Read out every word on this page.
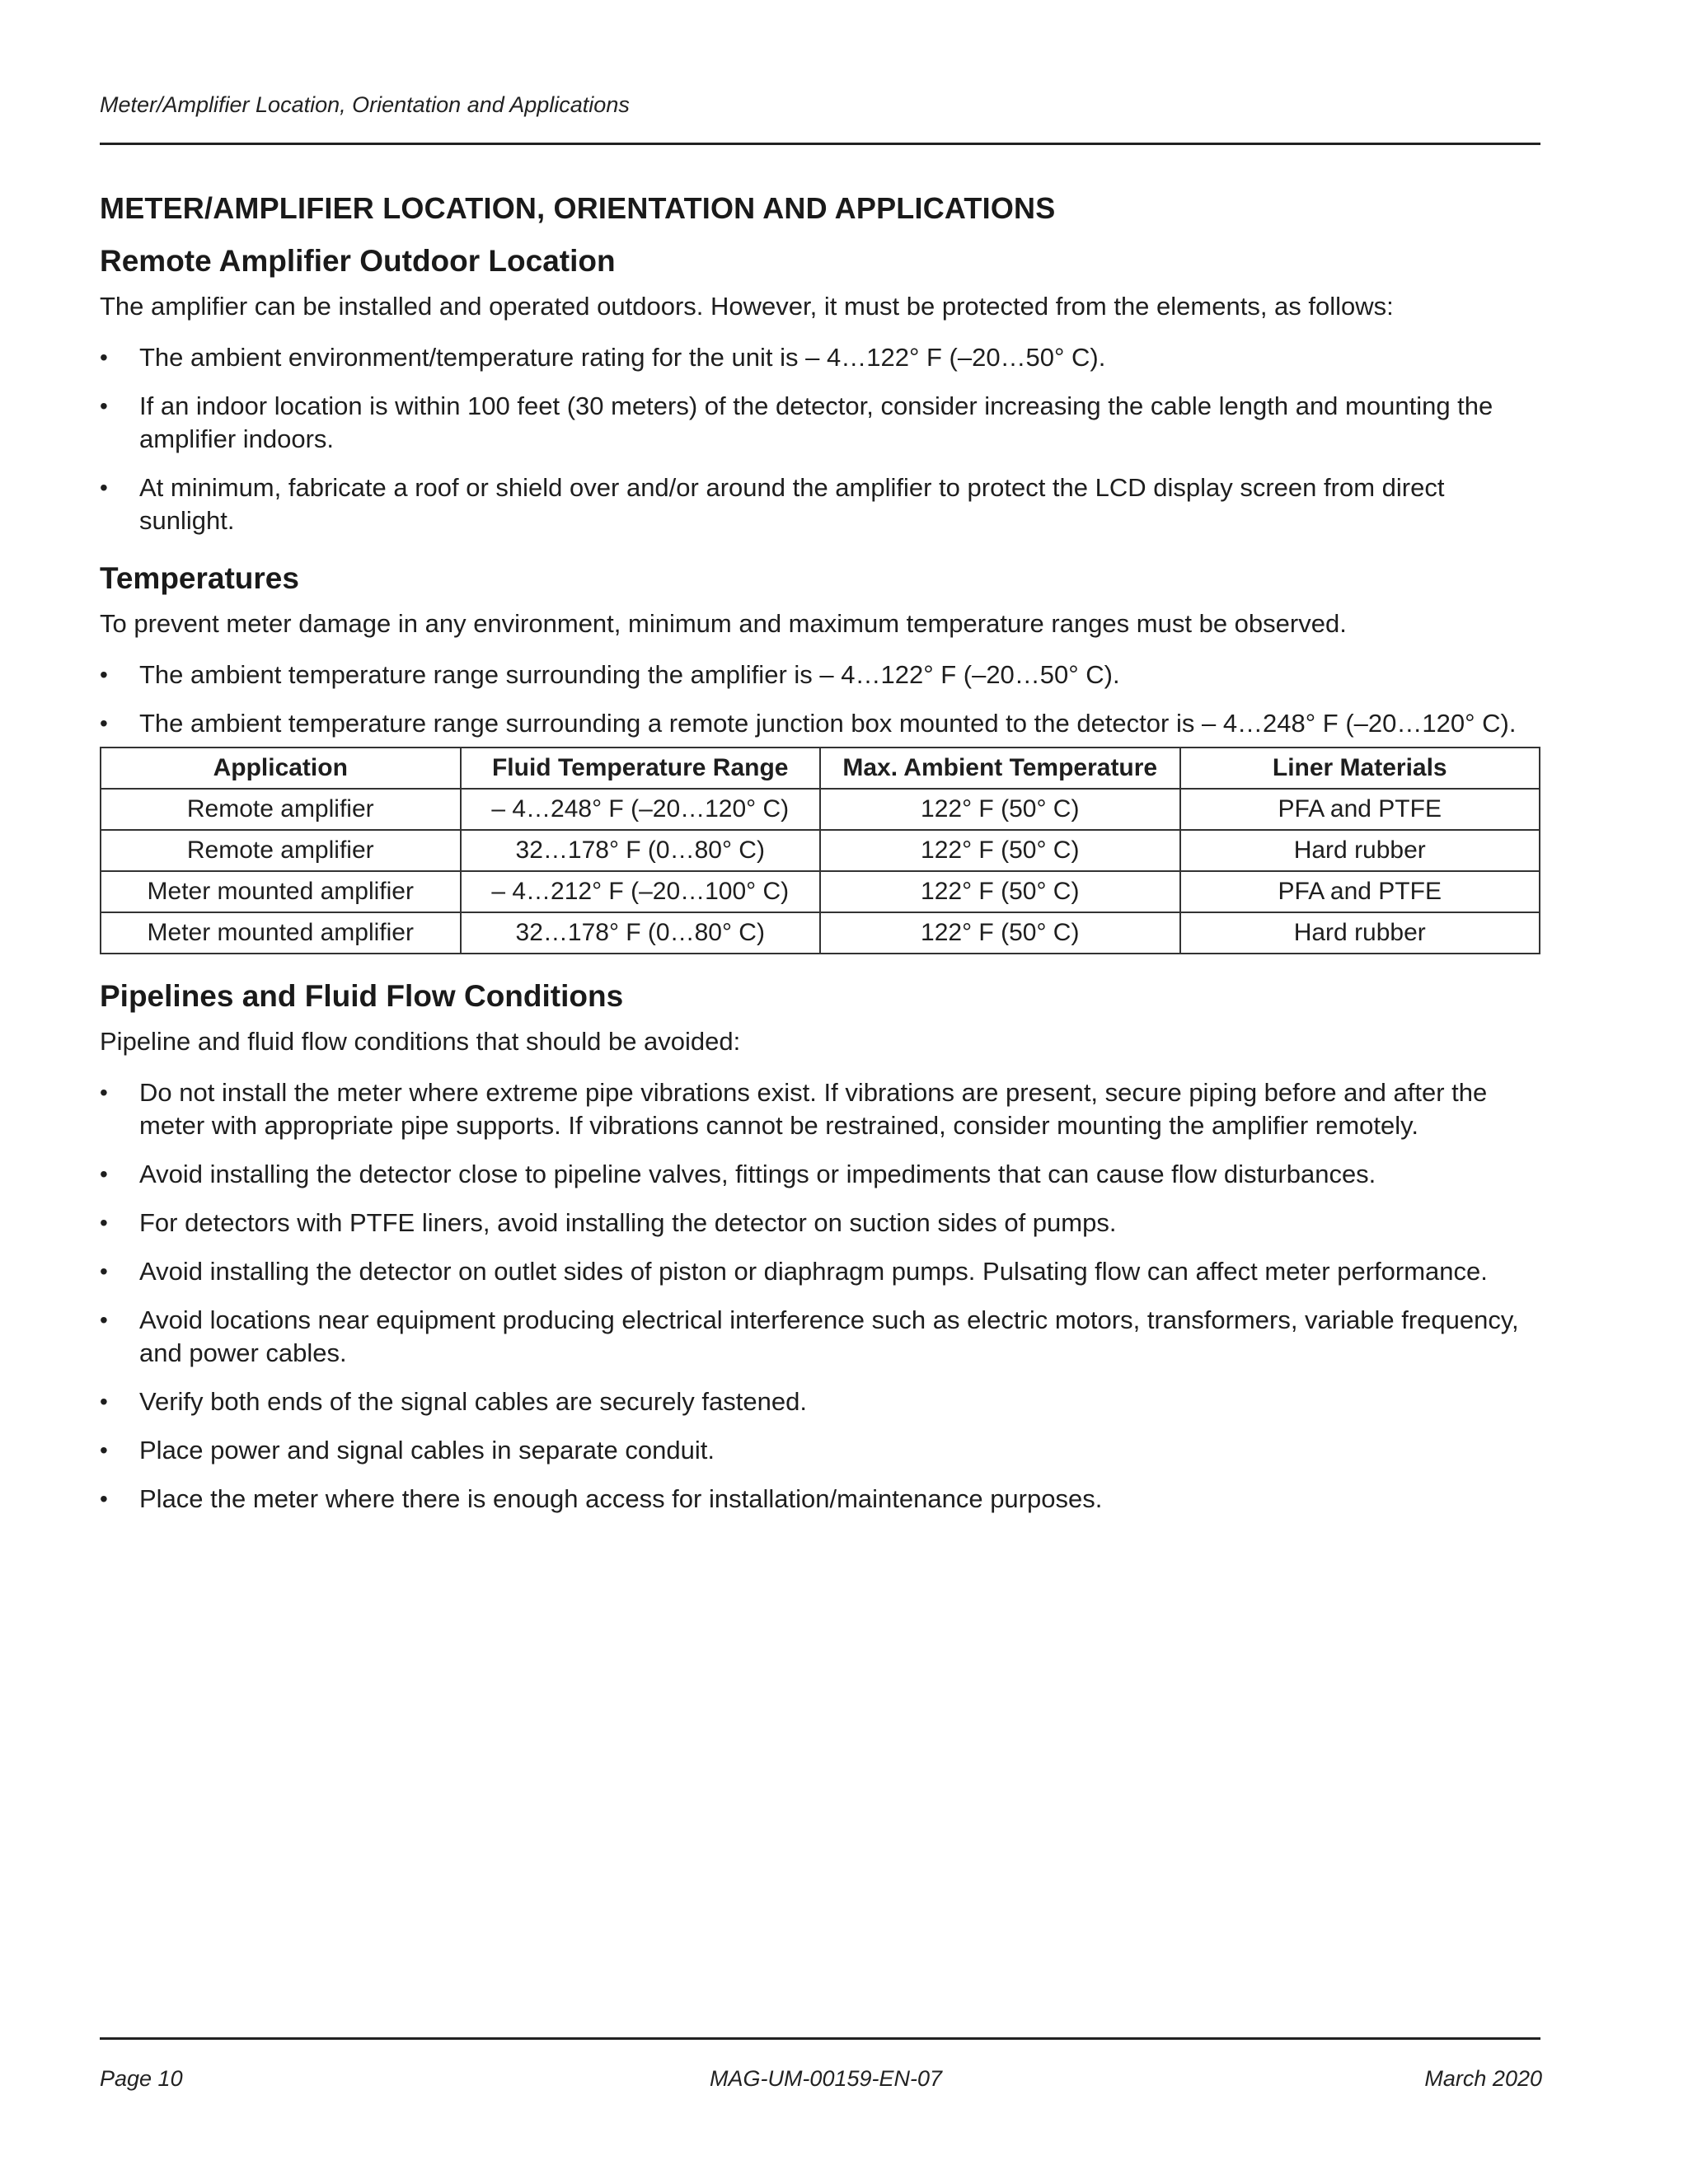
Meter/Amplifier Location, Orientation and Applications
METER/AMPLIFIER LOCATION, ORIENTATION AND APPLICATIONS
Remote Amplifier Outdoor Location

The amplifier can be installed and operated outdoors. However, it must be protected from the elements, as follows:

•	The ambient environment/temperature rating for the unit is – 4…122° F (–20…50° C).
•	If an indoor location is within 100 feet (30 meters) of the detector, consider increasing the cable length and mounting the amplifier indoors.
•	At minimum, fabricate a roof or shield over and/or around the amplifier to protect the LCD display screen from direct sunlight.
Temperatures

To prevent meter damage in any environment, minimum and maximum temperature ranges must be observed.

•	The ambient temperature range surrounding the amplifier is – 4…122° F (–20…50° C).
•	The ambient temperature range surrounding a remote junction box mounted to the detector is – 4…248° F (–20…120° C).
Application	Fluid Temperature Range	Max. Ambient Temperature	Liner Materials
Remote amplifier	– 4…248° F (–20…120° C)	122° F (50° C)	PFA and PTFE
Remote amplifier	32…178° F (0…80° C)	122° F (50° C)	Hard rubber
Meter mounted amplifier	– 4…212° F (–20…100° C)	122° F (50° C)	PFA and PTFE
Meter mounted amplifier	32…178° F (0…80° C)	122° F (50° C)	Hard rubber
Pipelines and Fluid Flow Conditions

Pipeline and fluid flow conditions that should be avoided:

•	Do not install the meter where extreme pipe vibrations exist. If vibrations are present, secure piping before and after the meter with appropriate pipe supports. If vibrations cannot be restrained, consider mounting the amplifier remotely.
•	Avoid installing the detector close to pipeline valves, fittings or impediments that can cause flow disturbances.
•	For detectors with PTFE liners, avoid installing the detector on suction sides of pumps.
•	Avoid installing the detector on outlet sides of piston or diaphragm pumps. Pulsating flow can affect meter performance.
•	Avoid locations near equipment producing electrical interference such as electric motors, transformers, variable frequency, and power cables.
•	Verify both ends of the signal cables are securely fastened.
•	Place power and signal cables in separate conduit.
•	Place the meter where there is enough access for installation/maintenance purposes.
Page 10	MAG-UM-00159-EN-07	March 2020
